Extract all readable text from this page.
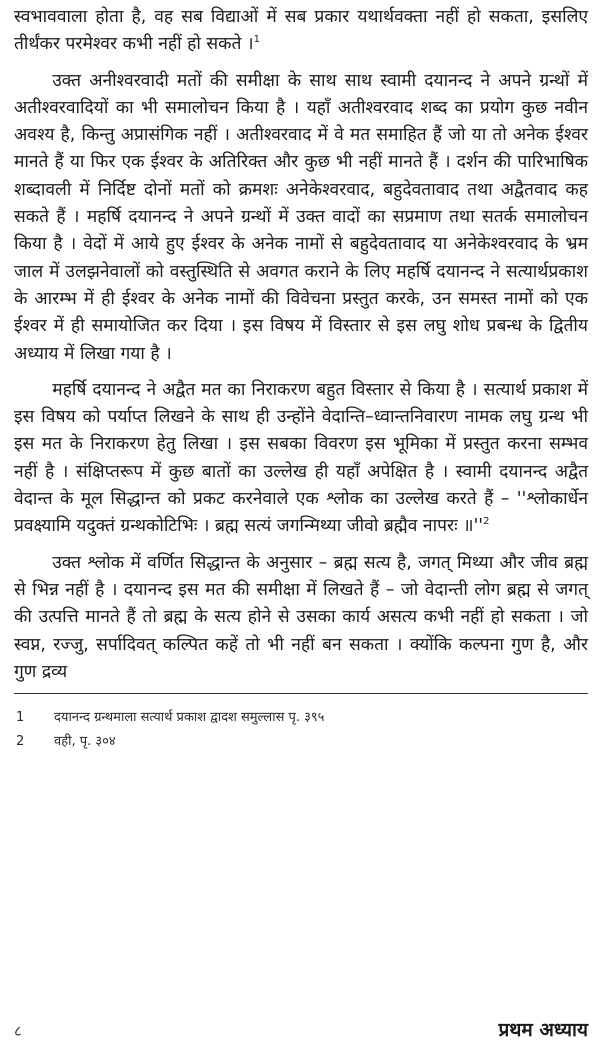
स्वभाववाला होता है, वह सब विद्याओं में सब प्रकार यथार्थवक्ता नहीं हो सकता, इसलिए तीर्थंकर परमेश्वर कभी नहीं हो सकते ।$^1$

उक्त अनीश्वरवादी मतों की समीक्षा के साथ साथ स्वामी दयानन्द ने अपने ग्रन्थों में अतीश्वरवादियों का भी समालोचन किया है । यहाँ अतीश्वरवाद शब्द का प्रयोग कुछ नवीन अवश्य है, किन्तु अप्रासंगिक नहीं । अतीश्वरवाद में वे मत समाहित हैं जो या तो अनेक ईश्वर मानते हैं या फिर एक ईश्वर के अतिरिक्त और कुछ भी नहीं मानते हैं । दर्शन की पारिभाषिक शब्दावली में निर्दिष्ट दोनों मतों को क्रमशः अनेकेश्वरवाद, बहुदेवतावाद तथा अद्वैतवाद कह सकते हैं । महर्षि दयानन्द ने अपने ग्रन्थों में उक्त वादों का सप्रमाण तथा सतर्क समालोचन किया है । वेदों में आये हुए ईश्वर के अनेक नामों से बहुदेवतावाद या अनेकेश्वरवाद के भ्रम जाल में उलझनेवालों को वस्तुस्थिति से अवगत कराने के लिए महर्षि दयानन्द ने सत्यार्थप्रकाश के आरम्भ में ही ईश्वर के अनेक नामों की विवेचना प्रस्तुत करके, उन समस्त नामों को एक ईश्वर में ही समायोजित कर दिया । इस विषय में विस्तार से इस लघु शोध प्रबन्ध के द्वितीय अध्याय में लिखा गया है ।

महर्षि दयानन्द ने अद्वैत मत का निराकरण बहुत विस्तार से किया है । सत्यार्थ प्रकाश में इस विषय को पर्याप्त लिखने के साथ ही उन्होंने वेदान्ति–ध्वान्तनिवारण नामक लघु ग्रन्थ भी इस मत के निराकरण हेतु लिखा । इस सबका विवरण इस भूमिका में प्रस्तुत करना सम्भव नहीं है । संक्षिप्तरूप में कुछ बातों का उल्लेख ही यहाँ अपेक्षित है । स्वामी दयानन्द अद्वैत वेदान्त के मूल सिद्धान्त को प्रकट करनेवाले एक श्लोक का उल्लेख करते हैं – ''श्लोकार्धेन प्रवक्ष्यामि यदुक्तं ग्रन्थकोटिभिः । ब्रह्म सत्यं जगन्मिथ्या जीवो ब्रह्मैव नापरः $॥''^2$

उक्त श्लोक में वर्णित सिद्धान्त के अनुसार – ब्रह्म सत्य है, जगत् मिथ्या और जीव ब्रह्म से भिन्न नहीं है । दयानन्द इस मत की समीक्षा में लिखते हैं – जो वेदान्ती लोग ब्रह्म से जगत् की उत्पत्ति मानते हैं तो ब्रह्म के सत्य होने से उसका कार्य असत्य कभी नहीं हो सकता । जो स्वप्न, रज्जु, सर्पादिवत् कल्पित कहें तो भी नहीं बन सकता । क्योंकि कल्पना गुण है, और गुण द्रव्य

1	दयानन्द ग्रन्थमाला सत्यार्थ प्रकाश द्वादश समुल्लास पृ. ३९५
2	वही, पृ. ३०४
८	प्रथम अध्याय
